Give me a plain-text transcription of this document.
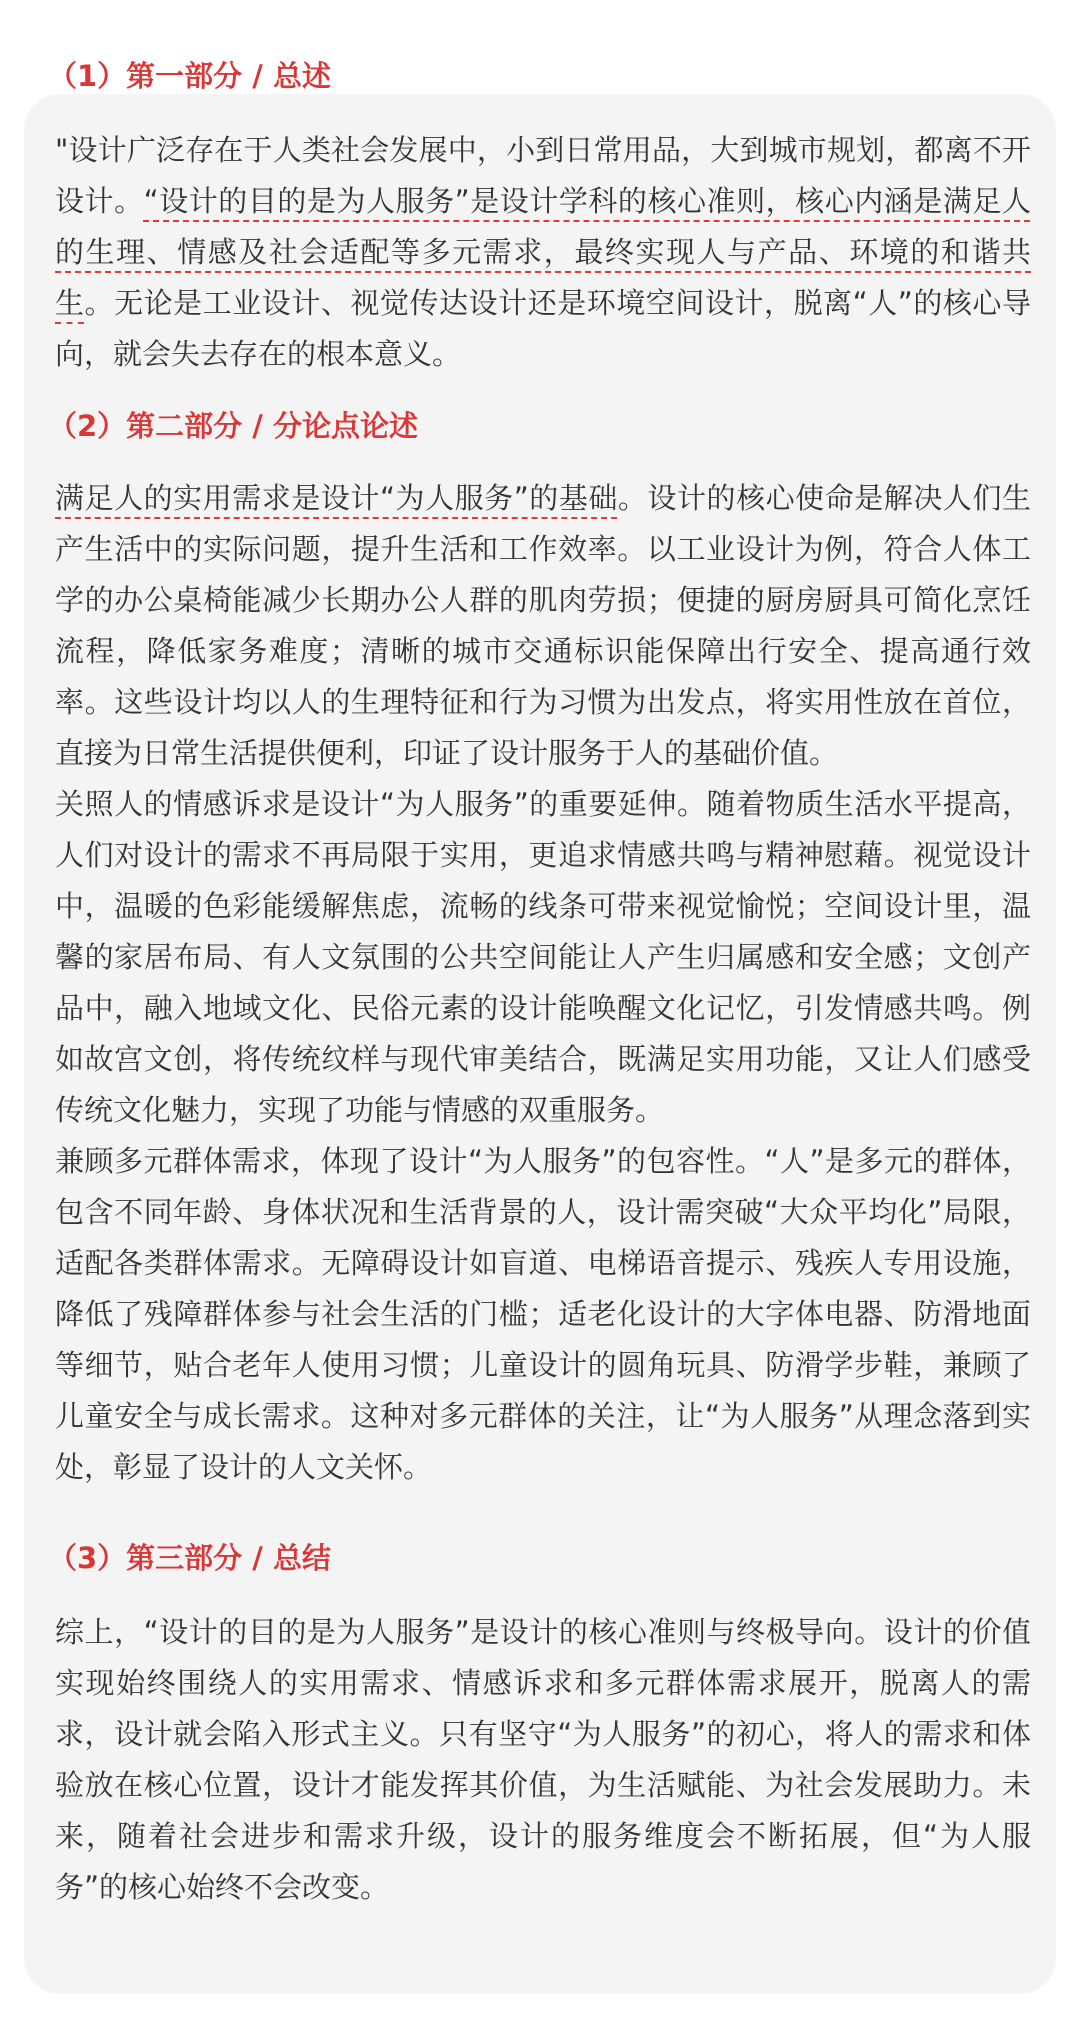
（1）第一部分 / 总述

"设计广泛存在于人类社会发展中，小到日常用品，大到城市规划，都离不开设计。“设计的目的是为人服务”是设计学科的核心准则，核心内涵是满足人的生理、情感及社会适配等多元需求，最终实现人与产品、环境的和谐共生。无论是工业设计、视觉传达设计还是环境空间设计，脱离“人”的核心导向，就会失去存在的根本意义。

（2）第二部分 / 分论点论述

满足人的实用需求是设计“为人服务”的基础。设计的核心使命是解决人们生产生活中的实际问题，提升生活和工作效率。以工业设计为例，符合人体工学的办公桌椅能减少长期办公人群的肌肉劳损；便捷的厨房厨具可简化烹饪流程，降低家务难度；清晰的城市交通标识能保障出行安全、提高通行效率。这些设计均以人的生理特征和行为习惯为出发点，将实用性放在首位，直接为日常生活提供便利，印证了设计服务于人的基础价值。

关照人的情感诉求是设计“为人服务”的重要延伸。随着物质生活水平提高，人们对设计的需求不再局限于实用，更追求情感共鸣与精神慰藉。视觉设计中，温暖的色彩能缓解焦虑，流畅的线条可带来视觉愉悦；空间设计里，温馨的家居布局、有人文氛围的公共空间能让人产生归属感和安全感；文创产品中，融入地域文化、民俗元素的设计能唤醒文化记忆，引发情感共鸣。例如故宫文创，将传统纹样与现代审美结合，既满足实用功能，又让人们感受传统文化魅力，实现了功能与情感的双重服务。

兼顾多元群体需求，体现了设计“为人服务”的包容性。“人”是多元的群体，包含不同年龄、身体状况和生活背景的人，设计需突破“大众平均化”局限，适配各类群体需求。无障碍设计如盲道、电梯语音提示、残疾人专用设施，降低了残障群体参与社会生活的门槛；适老化设计的大字体电器、防滑地面等细节，贴合老年人使用习惯；儿童设计的圆角玩具、防滑学步鞋，兼顾了儿童安全与成长需求。这种对多元群体的关注，让“为人服务”从理念落到实处，彰显了设计的人文关怀。

（3）第三部分 / 总结

综上，“设计的目的是为人服务”是设计的核心准则与终极导向。设计的价值实现始终围绕人的实用需求、情感诉求和多元群体需求展开，脱离人的需求，设计就会陷入形式主义。只有坚守“为人服务”的初心，将人的需求和体验放在核心位置，设计才能发挥其价值，为生活赋能、为社会发展助力。未来，随着社会进步和需求升级，设计的服务维度会不断拓展，但“为人服务”的核心始终不会改变。
